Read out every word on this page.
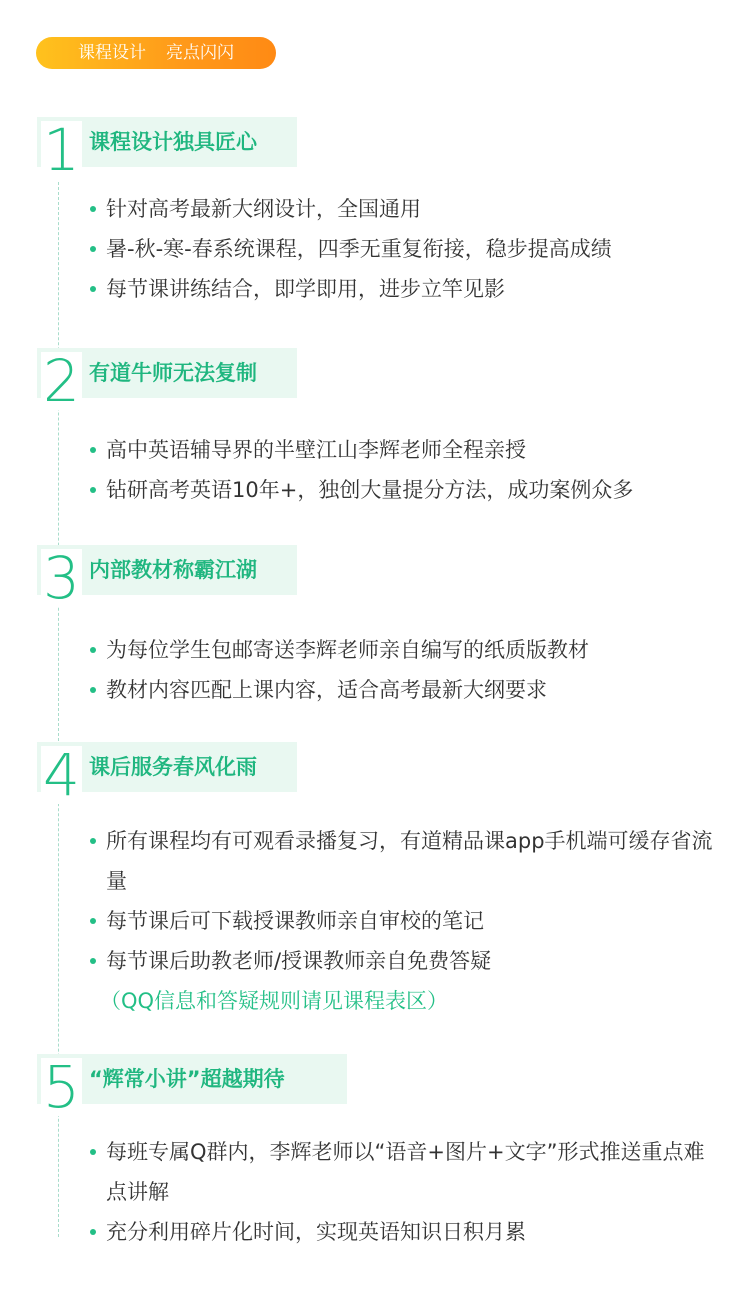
课程设计 亮点闪闪
1 课程设计独具匠心
针对高考最新大纲设计，全国通用
暑-秋-寒-春系统课程，四季无重复衔接，稳步提高成绩
每节课讲练结合，即学即用，进步立竿见影
2 有道牛师无法复制
高中英语辅导界的半壁江山李辉老师全程亲授
钻研高考英语10年+，独创大量提分方法，成功案例众多
3 内部教材称霸江湖
为每位学生包邮寄送李辉老师亲自编写的纸质版教材
教材内容匹配上课内容，适合高考最新大纲要求
4 课后服务春风化雨
所有课程均有可观看录播复习，有道精品课app手机端可缓存省流量
每节课后可下载授课教师亲自审校的笔记
每节课后助教老师/授课教师亲自免费答疑
（QQ信息和答疑规则请见课程表区）
5 “辉常小讲”超越期待
每班专属Q群内，李辉老师以“语音+图片+文字”形式推送重点难点讲解
充分利用碎片化时间，实现英语知识日积月累
